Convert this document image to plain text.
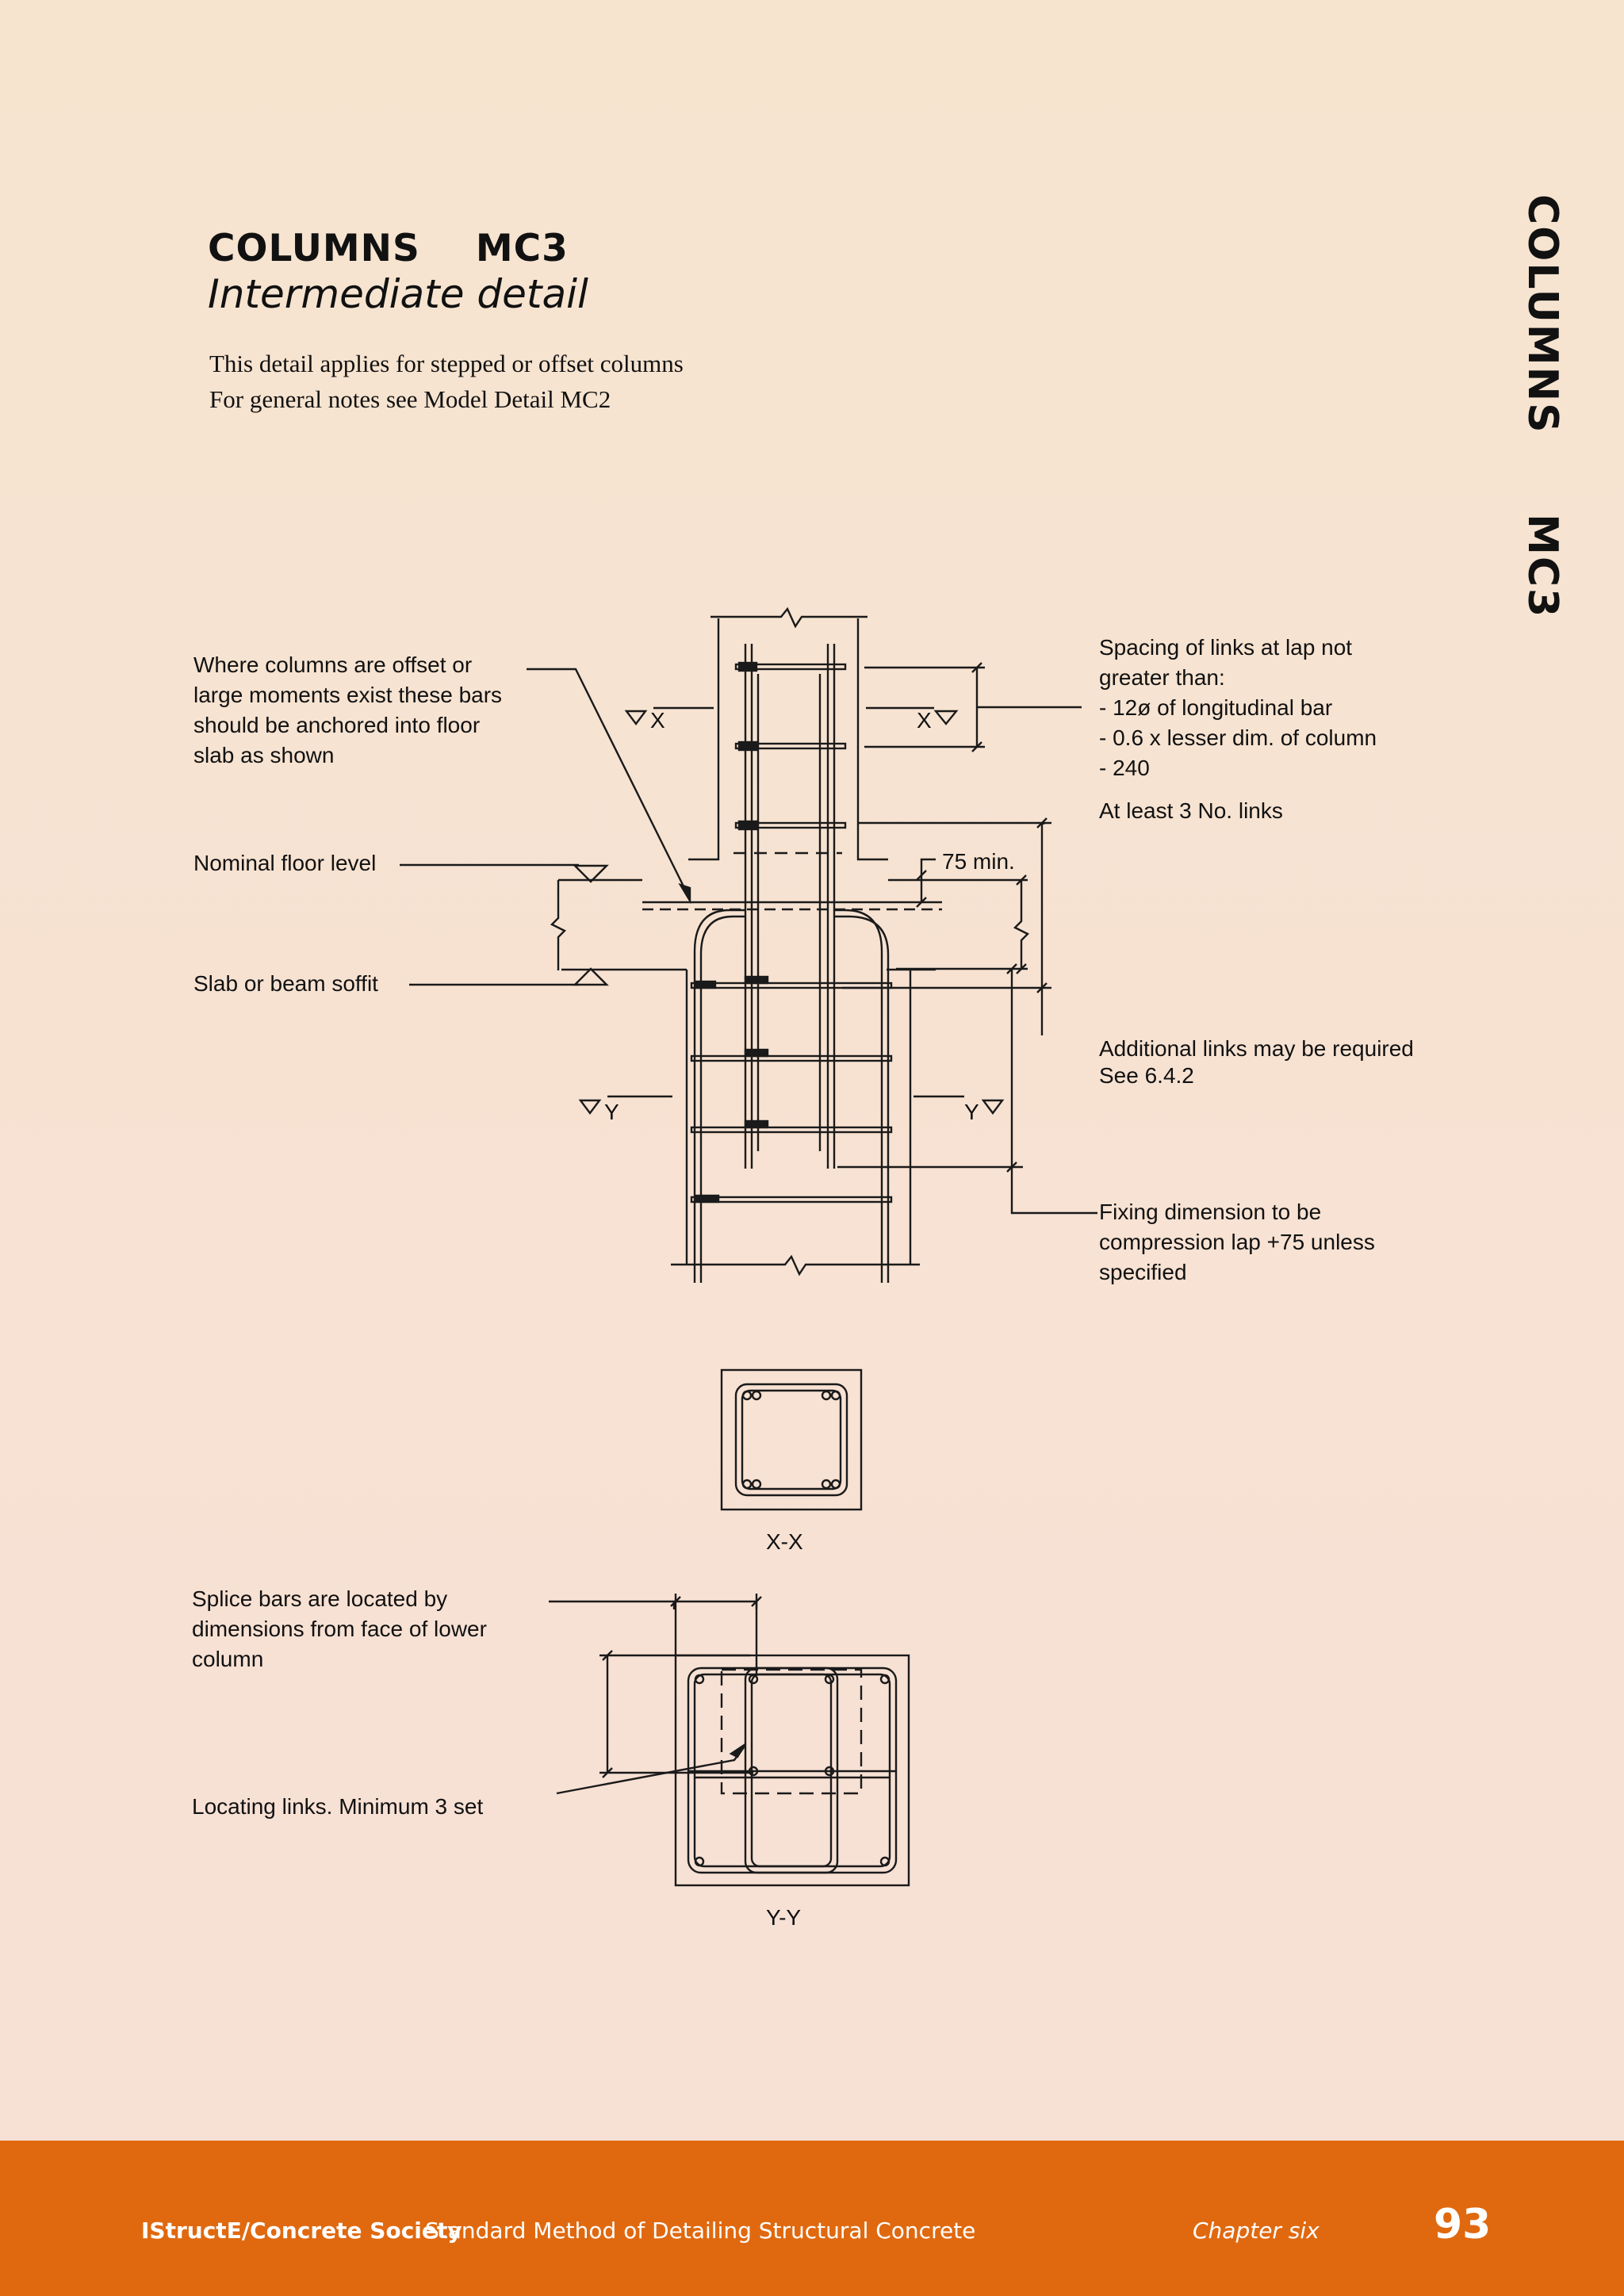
COLUMNS MC3
Intermediate detail
This detail applies for stepped or offset columns
For general notes see Model Detail MC2	COLUMNS     MC3
Where columns are offset or
large moments exist these bars
should be anchored into floor
slab as shown
Nominal floor level
Slab or beam soffit
Spacing of links at lap not
greater than:
- 12ø of longitudinal bar
- 0.6 x lesser dim. of column
- 240
At least 3 No. links
Additional links may be required
See 6.4.2
Fixing dimension to be
compression lap +75 unless
specified
Splice bars are located by
dimensions from face of lower
column
Locating links. Minimum 3 set
X	X
Y	Y
75 min.
X-X
Y-Y
IStructE/Concrete Society
Standard Method of Detailing Structural Concrete	Chapter six	93
